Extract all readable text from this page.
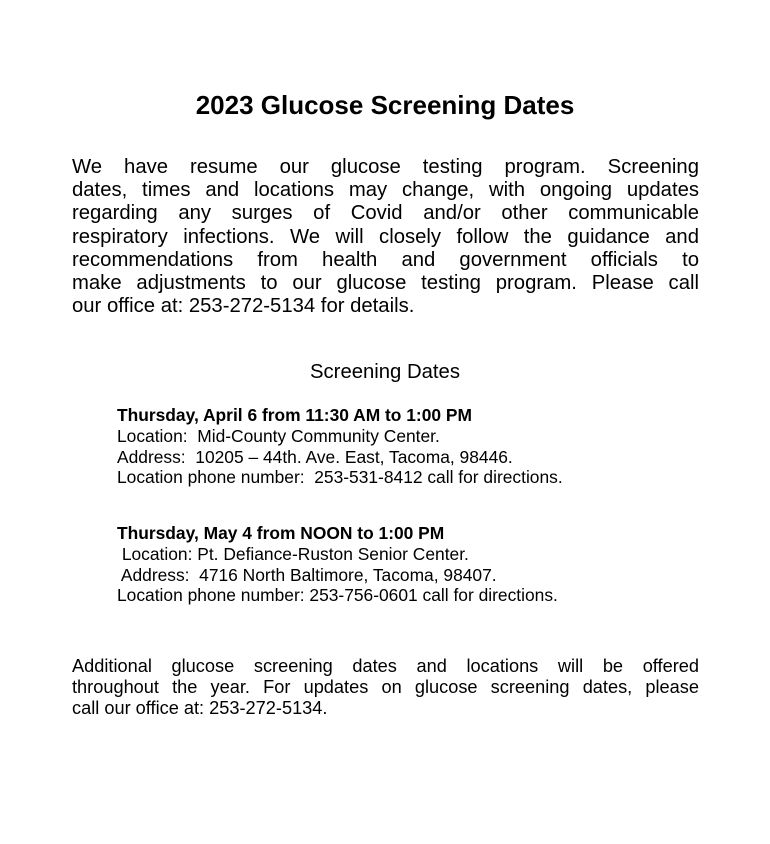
2023 Glucose Screening Dates
We have resume our glucose testing program. Screening
dates, times and locations may change, with ongoing updates
regarding any surges of Covid and/or other communicable
respiratory infections. We will closely follow the guidance and
recommendations from health and government officials to
make adjustments to our glucose testing program. Please call
our office at: 253-272-5134 for details.
Screening Dates
Thursday, April 6 from 11:30 AM to 1:00 PM
Location:  Mid-County Community Center.
Address:  10205 – 44th. Ave. East, Tacoma, 98446.
Location phone number:  253-531-8412 call for directions.
Thursday, May 4 from NOON to 1:00 PM
Location: Pt. Defiance-Ruston Senior Center.
Address:  4716 North Baltimore, Tacoma, 98407.
Location phone number: 253-756-0601 call for directions.
Additional glucose screening dates and locations will be offered
throughout the year. For updates on glucose screening dates, please
call our office at: 253-272-5134.
